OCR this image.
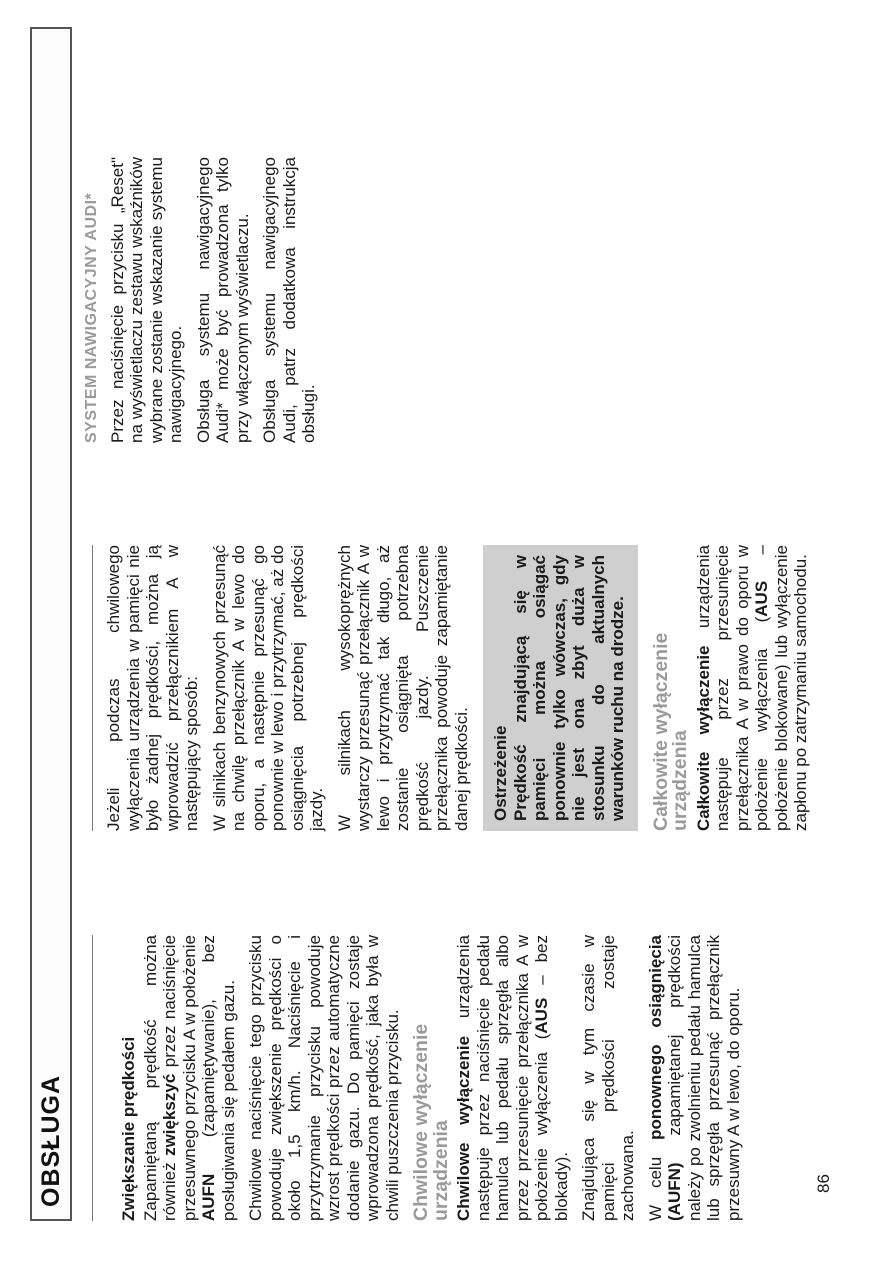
OBSŁUGA	Zwiększanie prędkości Zapamiętaną prędkość można również zwiększyć przez naciśnięcie przesuwnego przycisku A w położenie AUFN (zapamiętywanie), bez posługiwania się pedałem gazu. Chwilowe naciśnięcie tego przycisku powoduje zwiększenie prędkości o około 1,5 km/h. Naciśnięcie i przytrzymanie przycisku powoduje wzrost prędkości przez automatyczne dodanie gazu. Do pamięci zostaje wprowadzona prędkość, jaka była w chwili puszczenia przycisku. Chwilowe wyłączenie urządzenia Chwilowe wyłączenie urządzenia następuje przez naciśnięcie pedału hamulca lub pedału sprzęgła albo przez przesunięcie przełącznika A w położenie wyłączenia (AUS – bez blokady). Znajdująca się w tym czasie w pamięci prędkości zostaje zachowana. W celu ponownego osiągnięcia (AUFN) zapamiętanej prędkości należy po zwolnieniu pedału hamulca lub sprzęgła przesunąć przełącznik przesuwny A w lewo, do oporu.

Jeżeli podczas chwilowego wyłączenia urządzenia w pamięci nie było żadnej prędkości, można ją wprowadzić przełącznikiem A w następujący sposób: W silnikach benzynowych przesunąć na chwilę przełącznik A w lewo do oporu, a następnie przesunąć go ponownie w lewo i przytrzymać, aż do osiągnięcia potrzebnej prędkości jazdy. W silnikach wysokoprężnych wystarczy przesunąć przełącznik A w lewo i przytrzymać tak długo, aż zostanie osiągnięta potrzebna prędkość jazdy. Puszczenie przełącznika powoduje zapamiętanie danej prędkości. Ostrzeżenie Prędkość znajdującą się w pamięci można osiągać ponownie tylko wówczas, gdy nie jest ona zbyt duża w stosunku do aktualnych warunków ruchu na drodze. Całkowite wyłączenie urządzenia Całkowite wyłączenie urządzenia następuje przez przesunięcie przełącznika A w prawo do oporu w położenie wyłączenia (AUS – położenie blokowane) lub wyłączenie zapłonu po zatrzymaniu samochodu.

SYSTEM NAWIGACYJNY AUDI* Przez naciśnięcie przycisku „Reset" na wyświetlaczu zestawu wskaźników wybrane zostanie wskazanie systemu nawigacyjnego. Obsługa systemu nawigacyjnego Audi* może być prowadzona tylko przy włączonym wyświetlaczu. Obsługa systemu nawigacyjnego Audi, patrz dodatkowa instrukcja obsługi.

86
